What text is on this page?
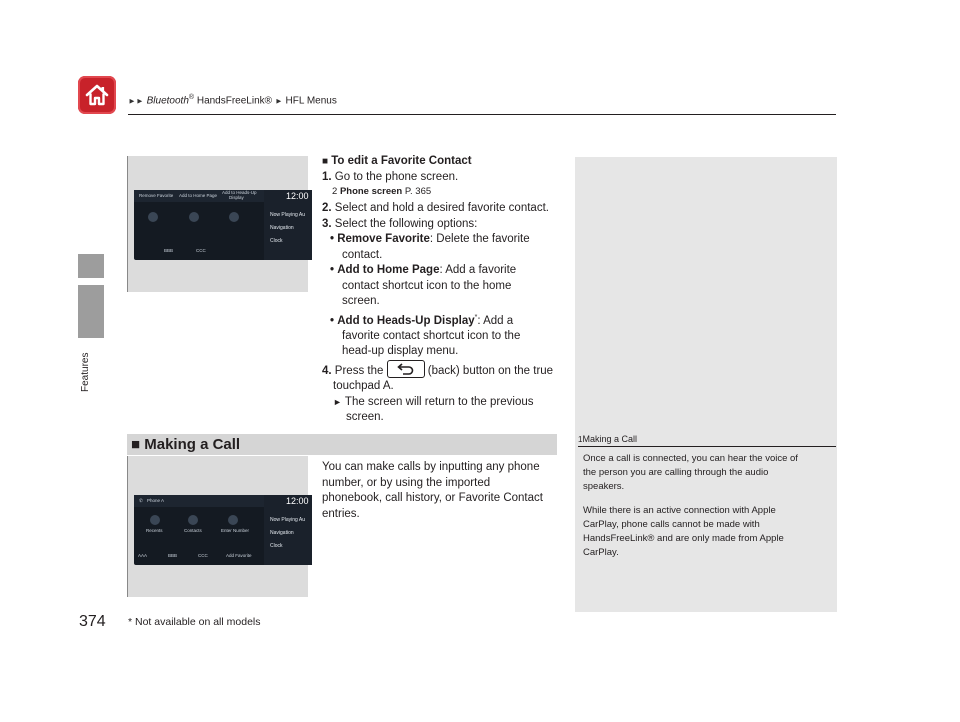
►► Bluetooth® HandsFreeLink® ► HFL Menus
Features
Remove Favorite Add to Home Page
Add to Heads-Up
Display	12:00
Now Playing Au
Navigation
Clock
BBB	CCC
■ To edit a Favorite Contact
1. Go to the phone screen.
2 Phone screen P. 365
2. Select and hold a desired favorite contact.
3. Select the following options:
• Remove Favorite: Delete the favorite
contact.
• Add to Home Page: Add a favorite
contact shortcut icon to the home
screen.
• Add to Heads-Up Display*: Add a
favorite contact shortcut icon to the
head-up display menu.
4. Press the	(back) button on the true
touchpad A.
► The screen will return to the previous
screen.
■ Making a Call
You can make calls by inputting any phone
number, or by using the imported
phonebook, call history, or Favorite Contact
entries.
✆ Phone A	12:00
Recents	Contacts	Enter Number
Now Playing Au
Navigation
Clock
AAA	BBB	CCC	Add Favorite
1Making a Call
Once a call is connected, you can hear the voice of
the person you are calling through the audio
speakers.
While there is an active connection with Apple
CarPlay, phone calls cannot be made with
HandsFreeLink® and are only made from Apple
CarPlay.
374 * Not available on all models
